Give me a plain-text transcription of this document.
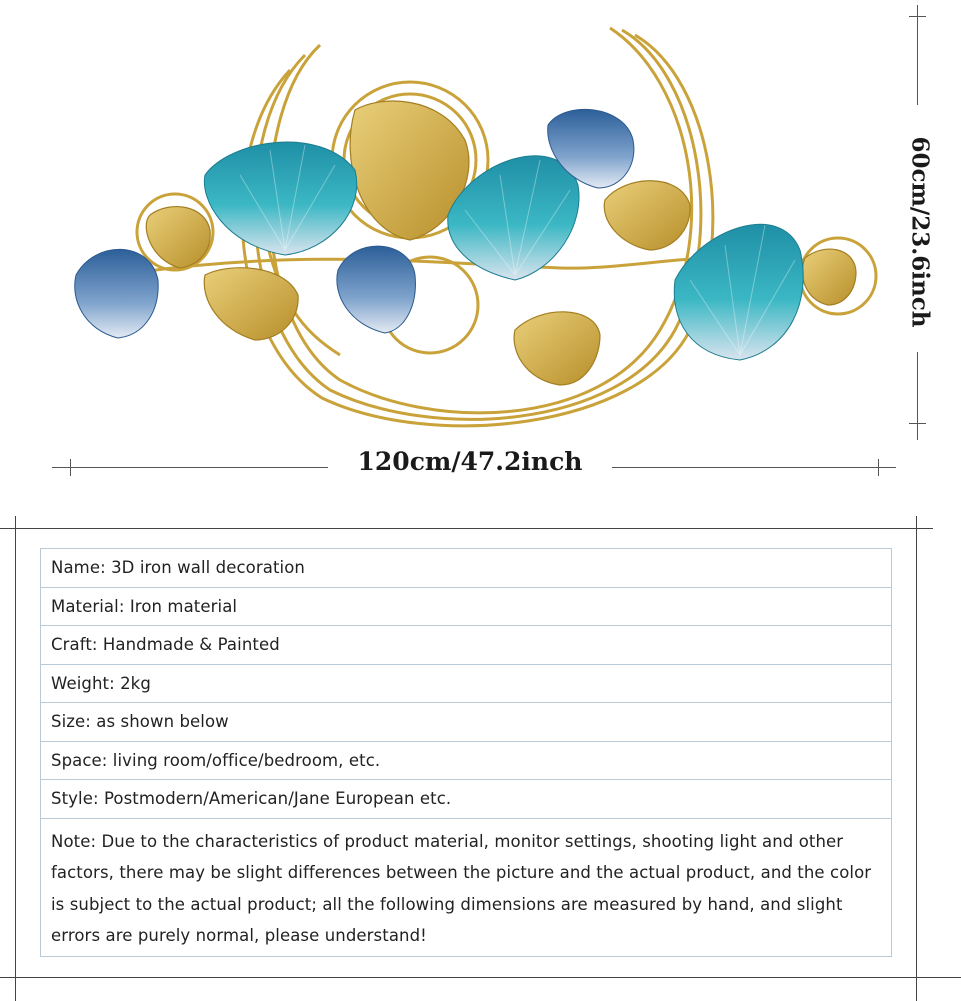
60cm/23.6inch
120cm/47.2inch
Name: 3D iron wall decoration
Material: Iron material
Craft: Handmade & Painted
Weight: 2kg
Size: as shown below
Space: living room/office/bedroom, etc.
Style: Postmodern/American/Jane European etc.
Note: Due to the characteristics of product material, monitor settings, shooting light and other factors, there may be slight differences between the picture and the actual product, and the color is subject to the actual product; all the following dimensions are measured by hand, and slight errors are purely normal, please understand!
